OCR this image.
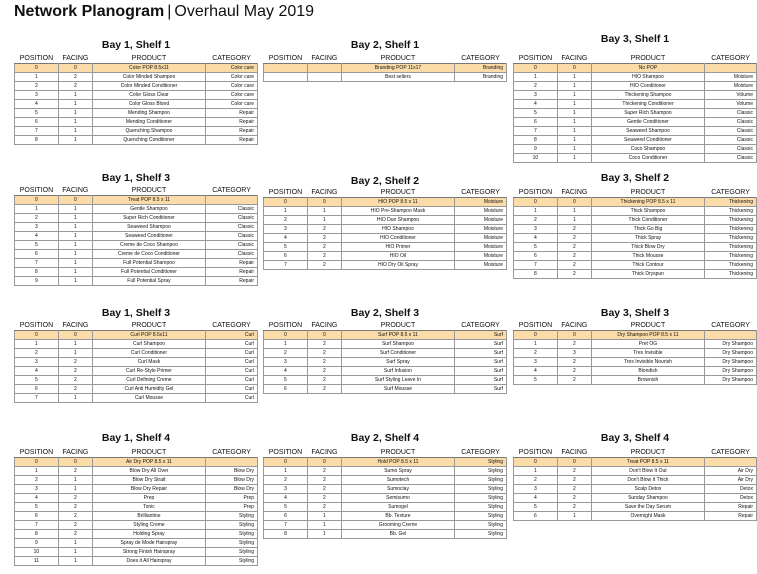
Network Planogram | Overhaul May 2019
Bay 1, Shelf 1
POSITION	FACING	PRODUCT	CATEGORY
0	0	Color POP 8.5x11	Color care
1	2	Color Minded Shampoo	Color care
2	2	Color Minded Conditioner	Color care
3	1	Color Gloss Clear	Color care
4	1	Color Gloss Blond	Color care
5	1	Mending Shampoo	Repair
6	1	Mending Conditioner	Repair
7	1	Quenching Shampoo	Repair
8	1	Quenching Conditioner	Repair
Bay 2, Shelf 1
POSITION	FACING	PRODUCT	CATEGORY
		Branding POP 11x17	Branding
		Best sellers	Branding
Bay 3, Shelf 1
POSITION	FACING	PRODUCT	CATEGORY
0	0	No POP	
1	1	HIO Shampoo	Moisture
2	1	HIO Conditioner	Moisture
3	1	Thickening Shampoo	Volume
4	1	Thickening Conditioner	Volume
5	1	Super Rich Shampoo	Classic
6	1	Gentle Conditioner	Classic
7	1	Seaweed Shampoo	Classic
8	1	Seaweed Conditioner	Classic
9	1	Coco Shampoo	Classic
10	1	Coco Conditioner	Classic
Bay 1, Shelf 3
POSITION	FACING	PRODUCT	CATEGORY
0	0	Treat POP 8.5 x 11	
1	1	Gentle Shampoo	Classic
2	1	Super Rich Conditioner	Classic
3	1	Seaweed Shampoo	Classic
4	1	Seaweed Conditioner	Classic
5	1	Creme de Coco Shampoo	Classic
6	1	Creme de Coco Conditioner	Classic
7	1	Full Potential Shampoo	Repair
8	1	Full Potential Conditioner	Repair
9	1	Full Potential Spray	Repair
Bay 2, Shelf 2
POSITION	FACING	PRODUCT	CATEGORY
0	0	HIO POP 8.5 x 11	Moisture
1	1	HIO Pre-Shampoo Mask	Moisture
2	1	HIO Duo Shampoo	Moisture
3	2	HIO Shampoo	Moisture
4	2	HIO Conditioner	Moisture
5	2	HIO Primer	Moisture
6	2	HIO Oil	Moisture
7	2	HIO Dry Oil Spray	Moisture
Bay 3, Shelf 2
POSITION	FACING	PRODUCT	CATEGORY
0	0	Thickening POP 8.5 x 11	Thickening
1	1	Thick Shampoo	Thickening
2	1	Thick Conditioner	Thickening
3	2	Thick Go Big	Thickening
4	2	Thick Spray	Thickening
5	2	Thick Blow Dry	Thickening
6	2	Thick Mousse	Thickening
7	2	Thick Contour	Thickening
8	2	Thick Dryspun	Thickening
Bay 1, Shelf 3
POSITION	FACING	PRODUCT	CATEGORY
0	0	Curl POP 8.5x11	Curl
1	1	Curl Shampoo	Curl
2	1	Curl Conditioner	Curl
3	2	Curl Mask	Curl
4	2	Curl Re-Style Primer	Curl
5	2	Curl Defining Creme	Curl
6	2	Curl Anti Humidity Gel	Curl
7	1	Curl Mousse	Curl
Bay 2, Shelf 3
POSITION	FACING	PRODUCT	CATEGORY
0	0	Surf POP 8.5 x 11	Surf
1	2	Surf Shampoo	Surf
2	2	Surf Conditioner	Surf
3	2	Surf Spray	Surf
4	2	Surf Infusion	Surf
5	2	Surf Styling Leave In	Surf
6	2	Surf Mousse	Surf
Bay 3, Shelf 3
POSITION	FACING	PRODUCT	CATEGORY
0	0	Dry Shampoo POP 8.5 x 11	
1	2	Pret OG	Dry Shampoo
2	3	Tres Invisible	Dry Shampoo
3	2	Tres Invisible Nourish	Dry Shampoo
4	2	Blondish	Dry Shampoo
5	2	Brownish	Dry Shampoo
Bay 1, Shelf 4
POSITION	FACING	PRODUCT	CATEGORY
0	0	Air Dry POP 8.5 x 11	
1	2	Blow Dry All Over	Blow Dry
2	1	Blow Dry Strait	Blow Dry
3	1	Blow Dry Repair	Blow Dry
4	2	Prep	Prep
5	2	Tonic	Prep
6	2	Brilliantine	Styling
7	2	Styling Creme	Styling
8	2	Holding Spray	Styling
9	1	Spray de Mode Hairspray	Styling
10	1	Strong Finish Hairspray	Styling
11	1	Does it All Hairspray	Styling
Bay 2, Shelf 4
POSITION	FACING	PRODUCT	CATEGORY
0	0	Hold POP 8.5 x 11	Styling
1	2	Sumo Spray	Styling
2	2	Sumotech	Styling
3	2	Sumoclay	Styling
4	2	Semisumo	Styling
5	2	Sumogel	Styling
6	1	Bb. Texture	Styling
7	1	Grooming Creme	Styling
8	1	Bb. Gel	Styling
Bay 3, Shelf 4
POSITION	FACING	PRODUCT	CATEGORY
0	0	Treat POP 8.5 x 11	
1	2	Don't Blow It Out	Air Dry
2	2	Don't Blow It Thick	Air Dry
3	2	Scalp Detox	Detox
4	2	Sunday Shampoo	Detox
5	2	Save the Day Serum	Repair
6	1	Overnight Mask	Repair
